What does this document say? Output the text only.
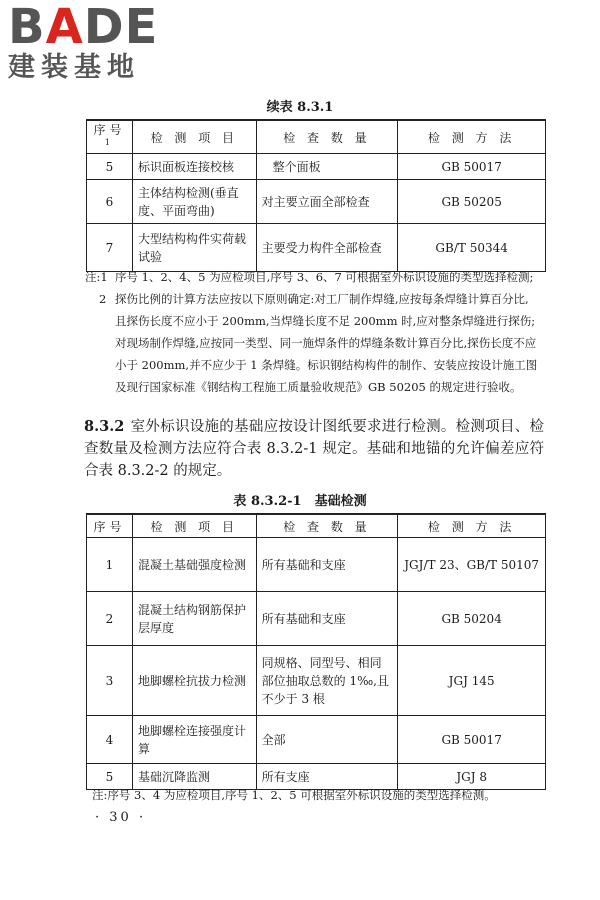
BADE
建装基地
续表 8.3.1
序号$^1$	检 测 项 目	检 查 数 量	检 测 方 法
5	标识面板连接校核	整个面板	GB 50017
6	主体结构检测(垂直度、平面弯曲)	对主要立面全部检查	GB 50205
7	大型结构构件实荷载试验	主要受力构件全部检查	GB/T 50344
注:1 序号 1、2、4、5 为应检项目,序号 3、6、7 可根据室外标识设施的类型选择检测;
2 探伤比例的计算方法应按以下原则确定:对工厂制作焊缝,应按每条焊缝计算百分比,且探伤长度不应小于 200mm,当焊缝长度不足 200mm 时,应对整条焊缝进行探伤;对现场制作焊缝,应按同一类型、同一施焊条件的焊缝条数计算百分比,探伤长度不应小于 200mm,并不应少于 1 条焊缝。标识钢结构构件的制作、安装应按设计施工图及现行国家标准《钢结构工程施工质量验收规范》GB 50205 的规定进行验收。
8.3.2 室外标识设施的基础应按设计图纸要求进行检测。检测项目、检查数量及检测方法应符合表 8.3.2-1 规定。基础和地锚的允许偏差应符合表 8.3.2-2 的规定。
表 8.3.2-1　基础检测
序号	检 测 项 目	检 查 数 量	检 测 方 法
1	混凝土基础强度检测	所有基础和支座	JGJ/T 23、GB/T 50107
2	混凝土结构钢筋保护层厚度	所有基础和支座	GB 50204
3	地脚螺栓抗拔力检测	同规格、同型号、相同部位抽取总数的 1‰,且不少于 3 根	JGJ 145
4	地脚螺栓连接强度计算	全部	GB 50017
5	基础沉降监测	所有支座	JGJ 8
注:序号 3、4 为应检项目,序号 1、2、5 可根据室外标识设施的类型选择检测。
· 30 ·
